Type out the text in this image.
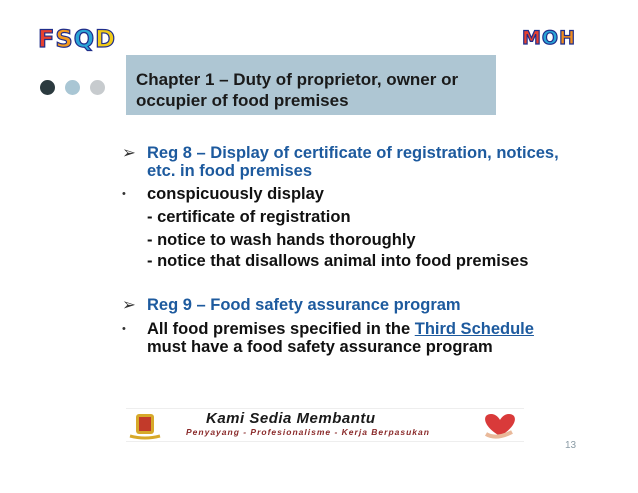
FSQD	MOH
Chapter 1 – Duty of proprietor, owner or occupier of food premises
➢ Reg 8 – Display of certificate of registration, notices, etc. in food premises
• conspicuously display
- certificate of registration
- notice to wash hands thoroughly
- notice that disallows animal into food premises
➢ Reg 9 – Food safety assurance program
• All food premises specified in the Third Schedule must have a food safety assurance program
Kami Sedia Membantu
Penyayang - Profesionalisme - Kerja Berpasukan
13
